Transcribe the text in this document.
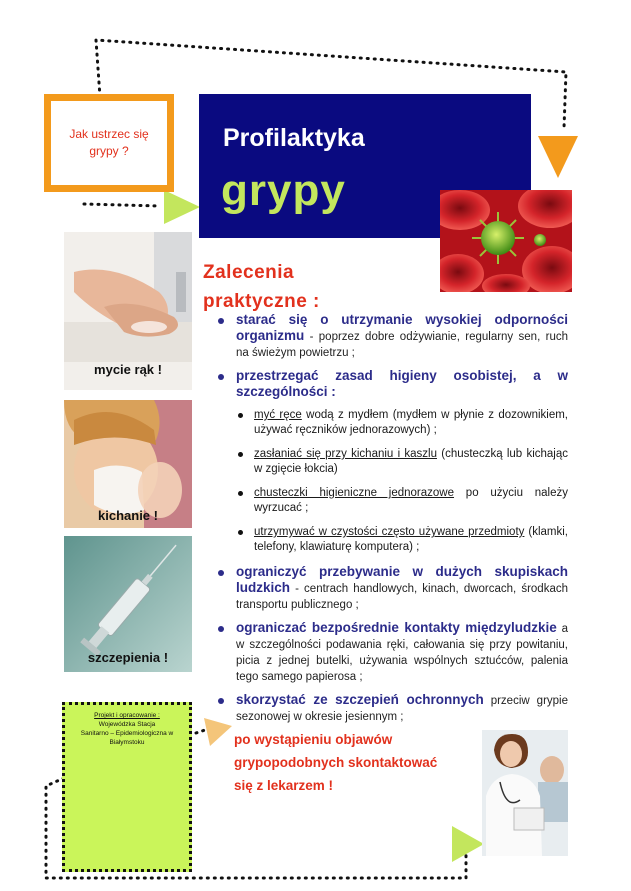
Jak ustrzec się
grypy ?	Profilaktyka
grypy
mycie rąk !
kichanie !
szczepienia !
Zalecenia
praktyczne :
starać się o utrzymanie wysokiej odporności organizmu - poprzez dobre odżywianie, regularny sen, ruch na świeżym powietrzu ;
przestrzegać zasad higieny osobistej, a w szczególności :
myć ręce wodą z mydłem (mydłem w płynie z dozownikiem, używać ręczników jednorazowych) ;
zasłaniać się przy kichaniu i kaszlu (chusteczką lub kichając w zgięcie łokcia)
chusteczki higieniczne jednorazowe po użyciu należy wyrzucać ;
utrzymywać w czystości często używane przedmioty (klamki, telefony, klawiaturę komputera) ;
ograniczyć przebywanie w dużych skupiskach ludzkich - centrach handlowych, kinach, dworcach, środkach transportu publicznego ;
ograniczać bezpośrednie kontakty międzyludzkie a w szczególności podawania ręki, całowania się przy powitaniu, picia z jednej butelki, używania wspólnych sztućców, palenia tego samego papierosa ;
skorzystać ze szczepień ochronnych przeciw grypie sezonowej w okresie jesiennym ;
po wystąpieniu objawów
grypopodobnych skontaktować
się z lekarzem !
Projekt i opracowanie :
Wojewódzka Stacja
Sanitarno – Epidemiologiczna w
Białymstoku
